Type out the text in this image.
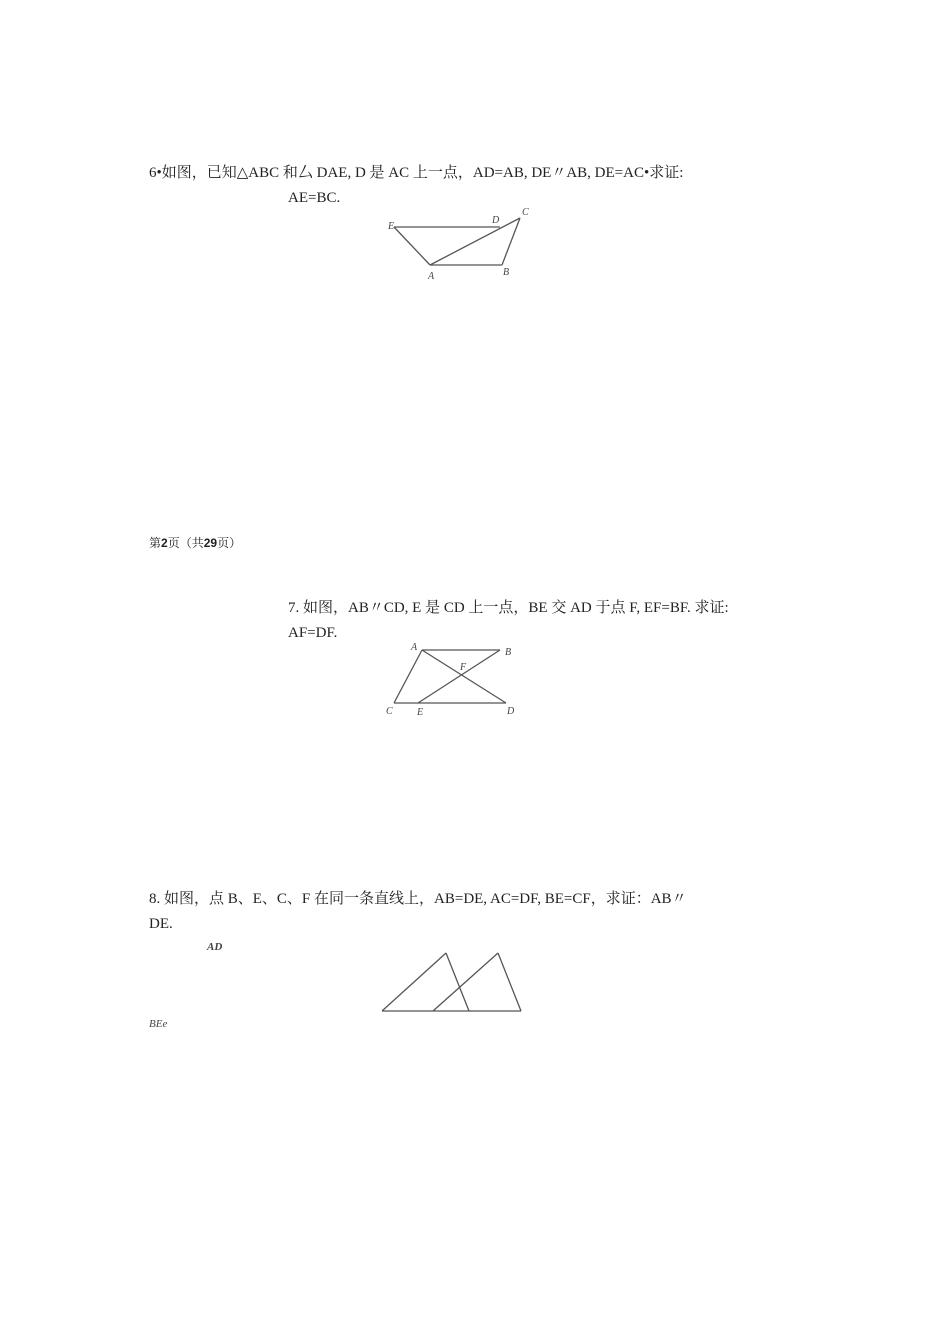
6•如图，已知△ABC 和厶 DAE, D 是 AC 上一点，AD=AB, DE〃AB, DE=AC•求证:
AE=BC.
E
D
C
A	B
第2页（共29页）
7. 如图，AB〃CD, E 是 CD 上一点，BE 交 AD 于点 F, EF=BF. 求证:
AF=DF.
A	B
F
C E	D
8. 如图，点 B、E、C、F 在同一条直线上，AB=DE, AC=DF, BE=CF，求证：AB〃
DE.
AD
BEe
